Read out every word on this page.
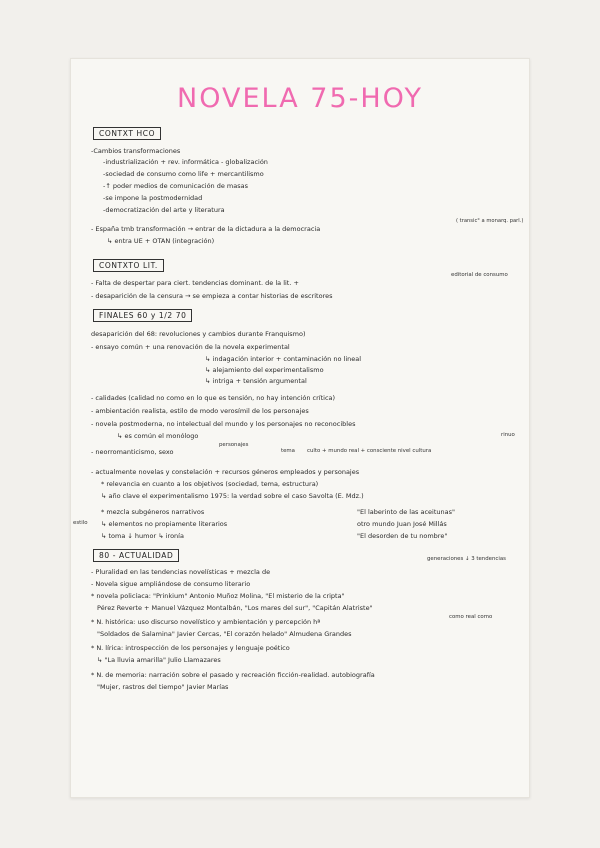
NOVELA 75-HOY
CONTXT HCO
-Cambios transformaciones
-industrialización + rev. informática - globalización
-sociedad de consumo como life + mercantilismo
-↑ poder medios de comunicación de masas
-se impone la postmodernidad
-democratización del arte y literatura
- España tmb transformación → entrar de la dictadura a la democracia
( transic° a monarq. parl.)
↳ entra UE + OTAN (integración)
CONTXTO LIT.
- Falta de despertar para ciert. tendencias dominant. de la lit. +
editorial de consumo
- desaparición de la censura → se empieza a contar historias de escritores
FINALES 60 y 1/2 70
desaparición del 68: revoluciones y cambios durante Franquismo)
- ensayo común + una renovación de la novela experimental
↳ indagación interior + contaminación no lineal
↳ alejamiento del experimentalismo
↳ intriga + tensión argumental
- calidades (calidad no como en lo que es tensión, no hay intención crítica)
- ambientación realista, estilo de modo verosímil de los personajes
- novela postmoderna, no intelectual del mundo y los personajes no reconocibles
rinuo
↳ es común el monólogo
- neorromanticismo, sexo
personajes
tema culto + mundo real + consciente nivel cultura
- actualmente novelas y constelación + recursos géneros empleados y personajes
* relevancia en cuanto a los objetivos (sociedad, tema, estructura)
↳ año clave el experimentalismo 1975: la verdad sobre el caso Savolta (E. Mdz.)
* mezcla subgéneros narrativos	"El laberinto de las aceitunas"
estilo ↳ elementos no propiamente literarios	otro mundo Juan José Millás
↳ toma ↓ humor ↳ ironía	"El desorden de tu nombre"
80 - ACTUALIDAD
- Pluralidad en las tendencias novelísticas + mezcla de
generaciones ↓ 3 tendencias
- Novela sigue ampliándose de consumo literario
* novela policíaca: "Prinkium" Antonio Muñoz Molina, "El misterio de la cripta"
Pérez Reverte + Manuel Vázquez Montalbán, "Los mares del sur", "Capitán Alatriste"
* N. histórica: uso discurso novelístico y ambientación y percepción hª
como real como
"Soldados de Salamina" Javier Cercas, "El corazón helado" Almudena Grandes
* N. lírica: introspección de los personajes y lenguaje poético
↳ "La lluvia amarilla" Julio Llamazares
* N. de memoria: narración sobre el pasado y recreación ficción-realidad. autobiografía
"Mujer, rastros del tiempo" Javier Marías
